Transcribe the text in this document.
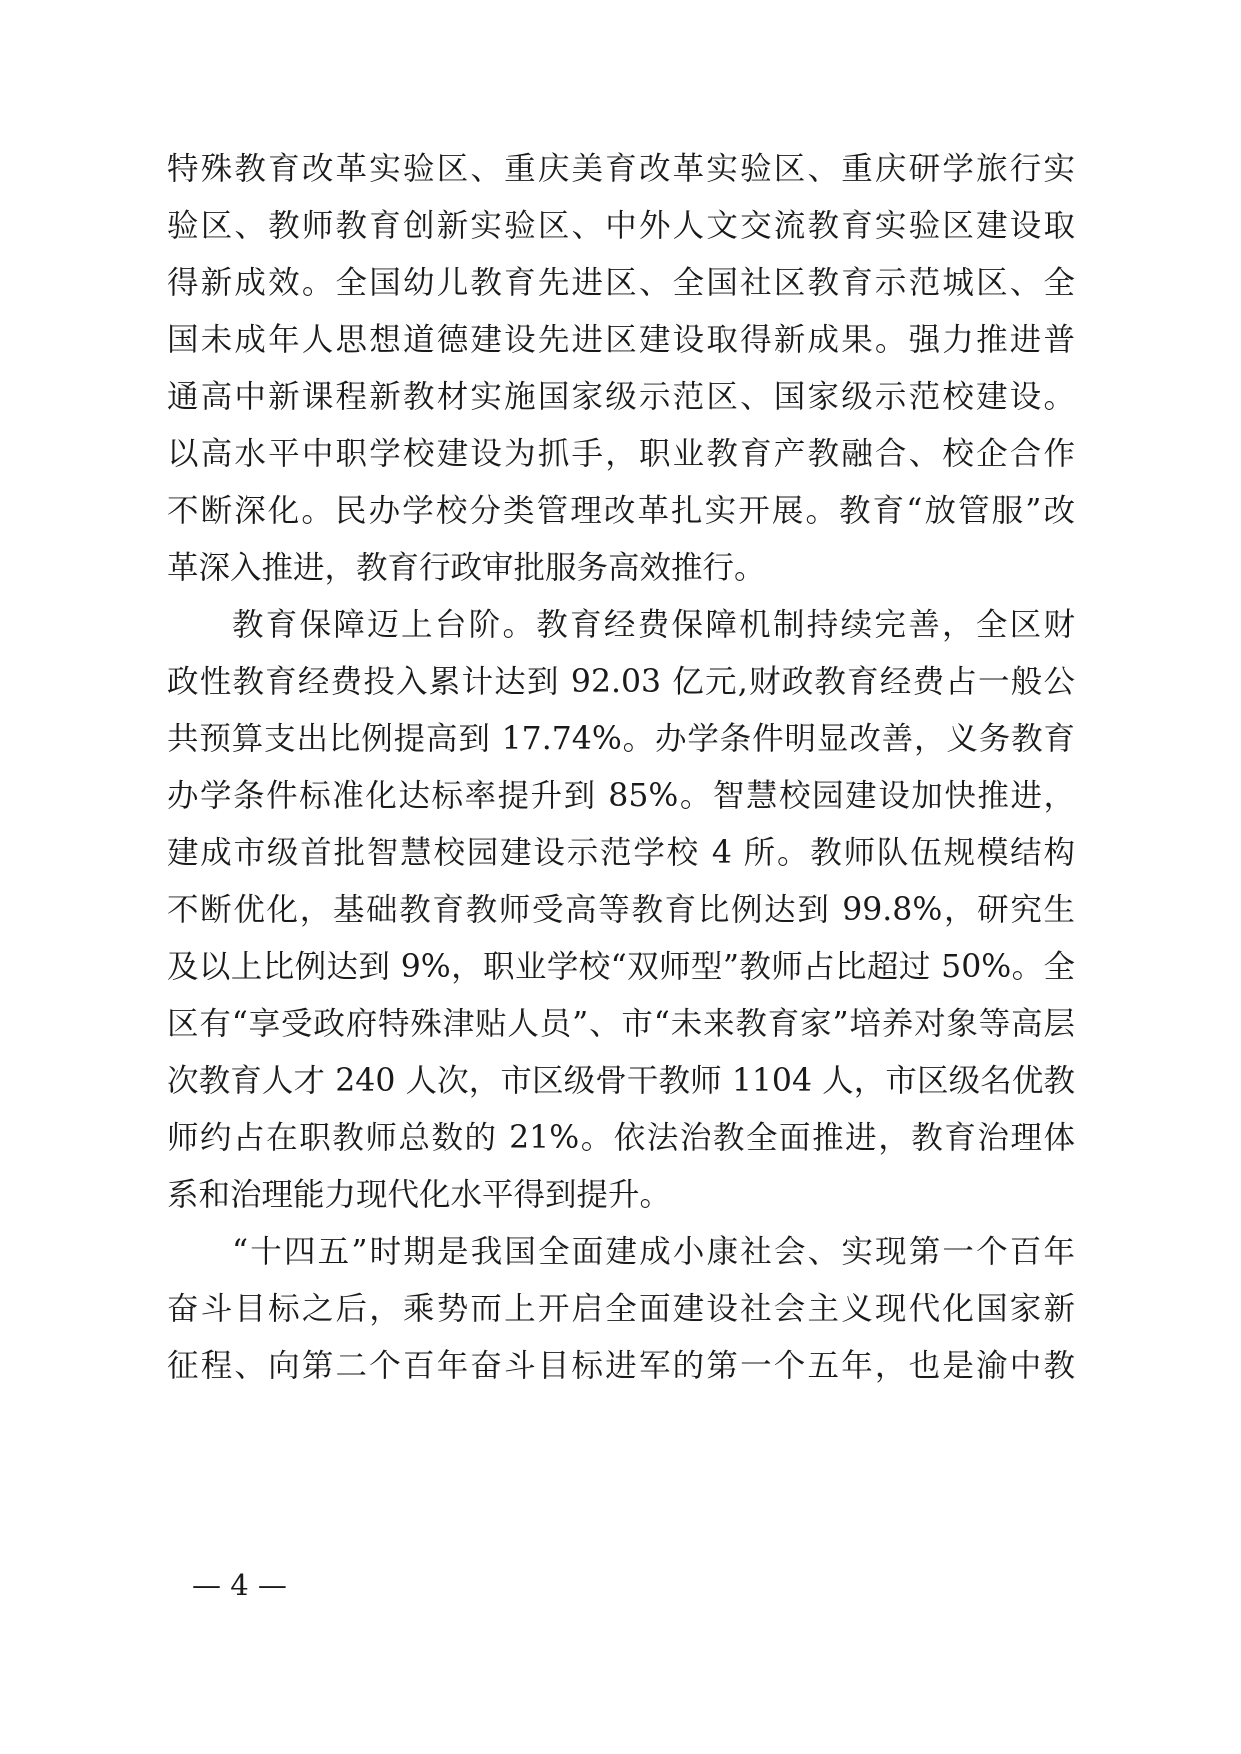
特殊教育改革实验区、重庆美育改革实验区、重庆研学旅行实
验区、教师教育创新实验区、中外人文交流教育实验区建设取
得新成效。全国幼儿教育先进区、全国社区教育示范城区、全
国未成年人思想道德建设先进区建设取得新成果。强力推进普
通高中新课程新教材实施国家级示范区、国家级示范校建设。
以高水平中职学校建设为抓手，职业教育产教融合、校企合作
不断深化。民办学校分类管理改革扎实开展。教育“放管服”改
革深入推进，教育行政审批服务高效推行。
教育保障迈上台阶。教育经费保障机制持续完善，全区财
政性教育经费投入累计达到 92.03 亿元,财政教育经费占一般公
共预算支出比例提高到 17.74%。办学条件明显改善，义务教育
办学条件标准化达标率提升到 85%。智慧校园建设加快推进，
建成市级首批智慧校园建设示范学校 4 所。教师队伍规模结构
不断优化，基础教育教师受高等教育比例达到 99.8%，研究生
及以上比例达到 9%，职业学校“双师型”教师占比超过 50%。全
区有“享受政府特殊津贴人员”、市“未来教育家”培养对象等高层
次教育人才 240 人次，市区级骨干教师 1104 人，市区级名优教
师约占在职教师总数的 21%。依法治教全面推进，教育治理体
系和治理能力现代化水平得到提升。
“十四五”时期是我国全面建成小康社会、实现第一个百年
奋斗目标之后，乘势而上开启全面建设社会主义现代化国家新
征程、向第二个百年奋斗目标进军的第一个五年，也是渝中教
— 4 —
